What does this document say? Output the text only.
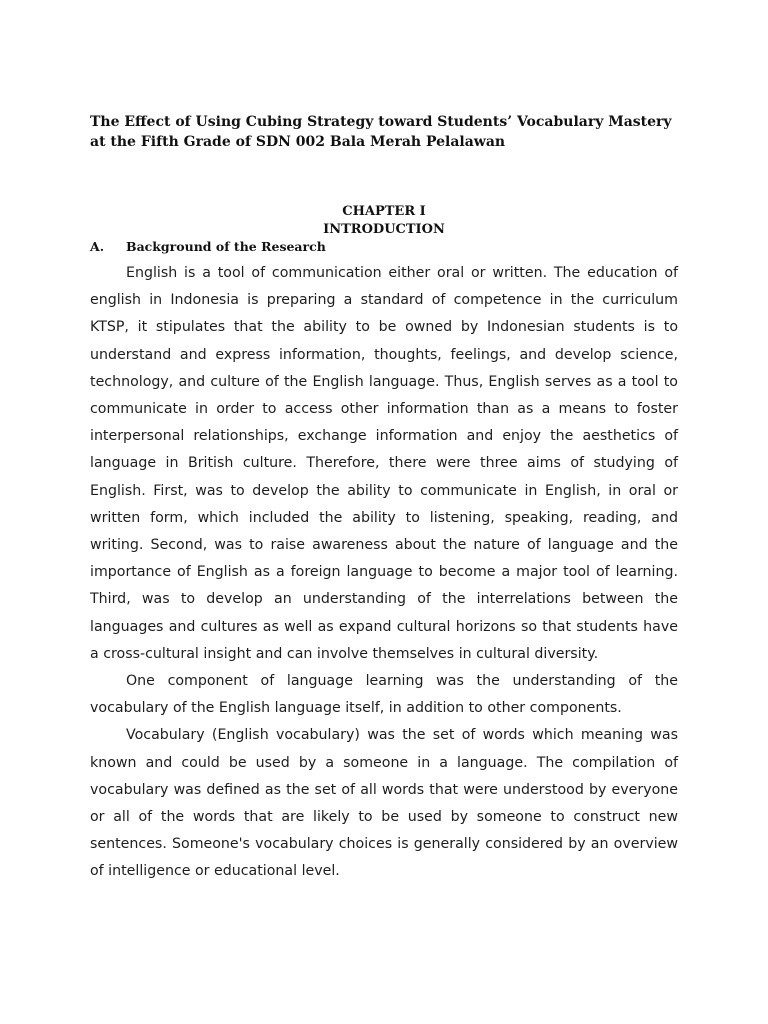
The Effect of Using Cubing Strategy toward Students’ Vocabulary Mastery at the Fifth Grade of SDN 002 Bala Merah Pelalawan
CHAPTER I
INTRODUCTION
A. Background of the Research

English is a tool of communication either oral or written. The education of english in Indonesia is preparing a standard of competence in the curriculum KTSP, it stipulates that the ability to be owned by Indonesian students is to understand and express information, thoughts, feelings, and develop science, technology, and culture of the English language. Thus, English serves as a tool to communicate in order to access other information than as a means to foster interpersonal relationships, exchange information and enjoy the aesthetics of language in British culture. Therefore, there were three aims of studying of English. First, was to develop the ability to communicate in English, in oral or written form, which included the ability to listening, speaking, reading, and writing. Second, was to raise awareness about the nature of language and the importance of English as a foreign language to become a major tool of learning. Third, was to develop an understanding of the interrelations between the languages and cultures as well as expand cultural horizons so that students have a cross-cultural insight and can involve themselves in cultural diversity.

One component of language learning was the understanding of the vocabulary of the English language itself, in addition to other components.

Vocabulary (English vocabulary) was the set of words which meaning was known and could be used by a someone in a language. The compilation of vocabulary was defined as the set of all words that were understood by everyone or all of the words that are likely to be used by someone to construct new sentences. Someone's vocabulary choices is generally considered by an overview of intelligence or educational level.
